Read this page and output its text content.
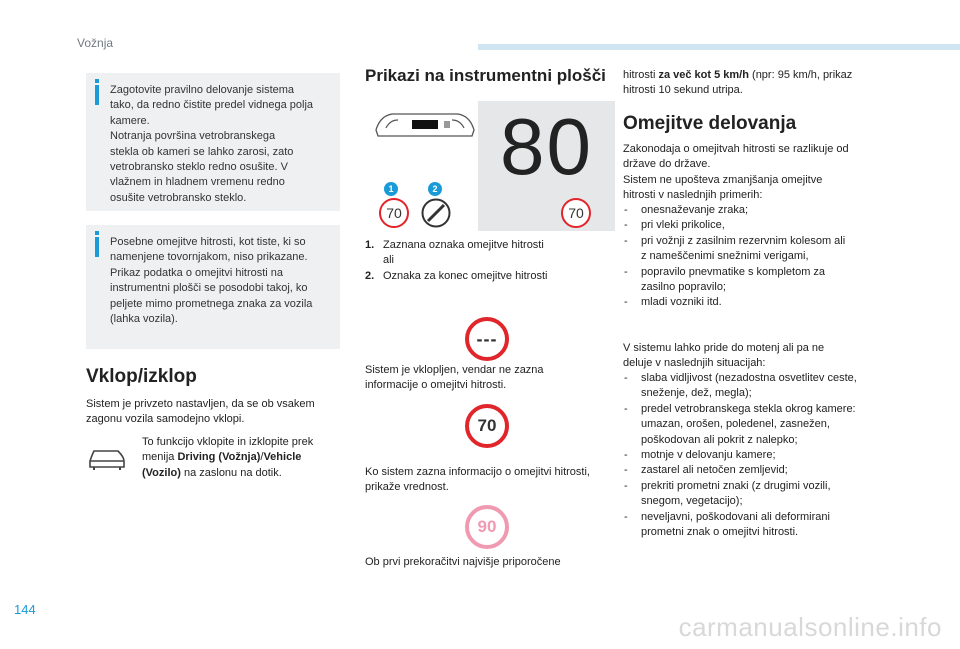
Vožnja

Zagotovite pravilno delovanje sistema

tako, da redno čistite predel vidnega polja

kamere.

Notranja površina vetrobranskega

stekla ob kameri se lahko zarosi, zato

vetrobransko steklo redno osušite. V

vlažnem in hladnem vremenu redno

osušite vetrobransko steklo.

Posebne omejitve hitrosti, kot tiste, ki so

namenjene tovornjakom, niso prikazane.

Prikaz podatka o omejitvi hitrosti na

instrumentni plošči se posodobi takoj, ko

peljete mimo prometnega znaka za vozila

(lahka vozila).

Vklop/izklop

Sistem je privzeto nastavljen, da se ob vsakem

zagonu vozila samodejno vklopi.

To funkcijo vklopite in izklopite prek

menija Driving (Vožnja)/Vehicle

(Vozilo) na zaslonu na dotik.

Prikazi na instrumentni plošči
80
1	2
70	70
1. Zaznana oznaka omejitve hitrosti

ali

2. Oznaka za konec omejitve hitrosti

---

Sistem je vklopljen, vendar ne zazna

informacije o omejitvi hitrosti.

70

Ko sistem zazna informacijo o omejitvi hitrosti,

prikaže vrednost.

90

Ob prvi prekoračitvi najvišje priporočene

hitrosti za več kot 5 km/h (npr: 95 km/h, prikaz

hitrosti 10 sekund utripa.

Omejitve delovanja

Zakonodaja o omejitvah hitrosti se razlikuje od

države do države.

Sistem ne upošteva zmanjšanja omejitve

hitrosti v naslednjih primerih:

- onesnaževanje zraka;
- pri vleki prikolice,
- pri vožnji z zasilnim rezervnim kolesom ali
z nameščenimi snežnimi verigami,
- popravilo pnevmatike s kompletom za
zasilno popravilo;
- mladi vozniki itd.

V sistemu lahko pride do motenj ali pa ne

deluje v naslednjih situacijah:

- slaba vidljivost (nezadostna osvetlitev ceste,
sneženje, dež, megla);
- predel vetrobranskega stekla okrog kamere:
umazan, orošen, poledenel, zasnežen,
poškodovan ali pokrit z nalepko;
- motnje v delovanju kamere;
- zastarel ali netočen zemljevid;
- prekriti prometni znaki (z drugimi vozili,
snegom, vegetacijo);
- neveljavni, poškodovani ali deformirani
prometni znak o omejitvi hitrosti.
144
carmanualsonline.info
